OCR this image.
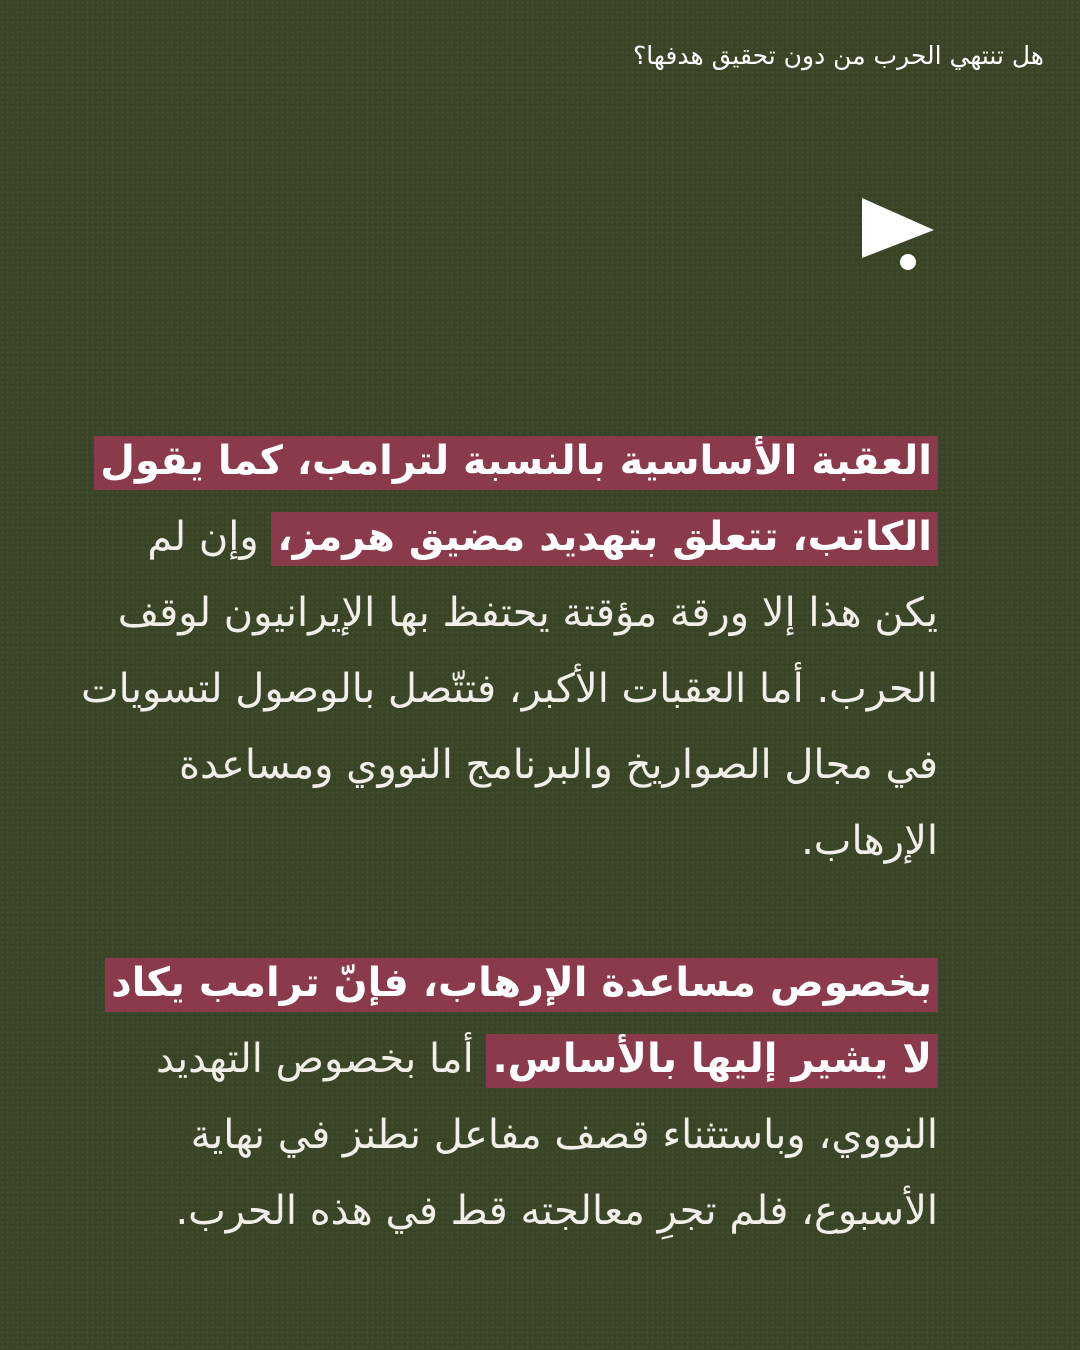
هل تنتهي الحرب من دون تحقيق هدفها؟

العقبة الأساسية بالنسبة لترامب، كما يقول الكاتب، تتعلق بتهديد مضيق هرمز، وإن لم يكن هذا إلا ورقة مؤقتة يحتفظ بها الإيرانيون لوقف الحرب. أما العقبات الأكبر، فتتّصل بالوصول لتسويات في مجال الصواريخ والبرنامج النووي ومساعدة الإرهاب.

بخصوص مساعدة الإرهاب، فإنّ ترامب يكاد لا يشير إليها بالأساس. أما بخصوص التهديد النووي، وباستثناء قصف مفاعل نطنز في نهاية الأسبوع، فلم تجرِ معالجته قط في هذه الحرب.
